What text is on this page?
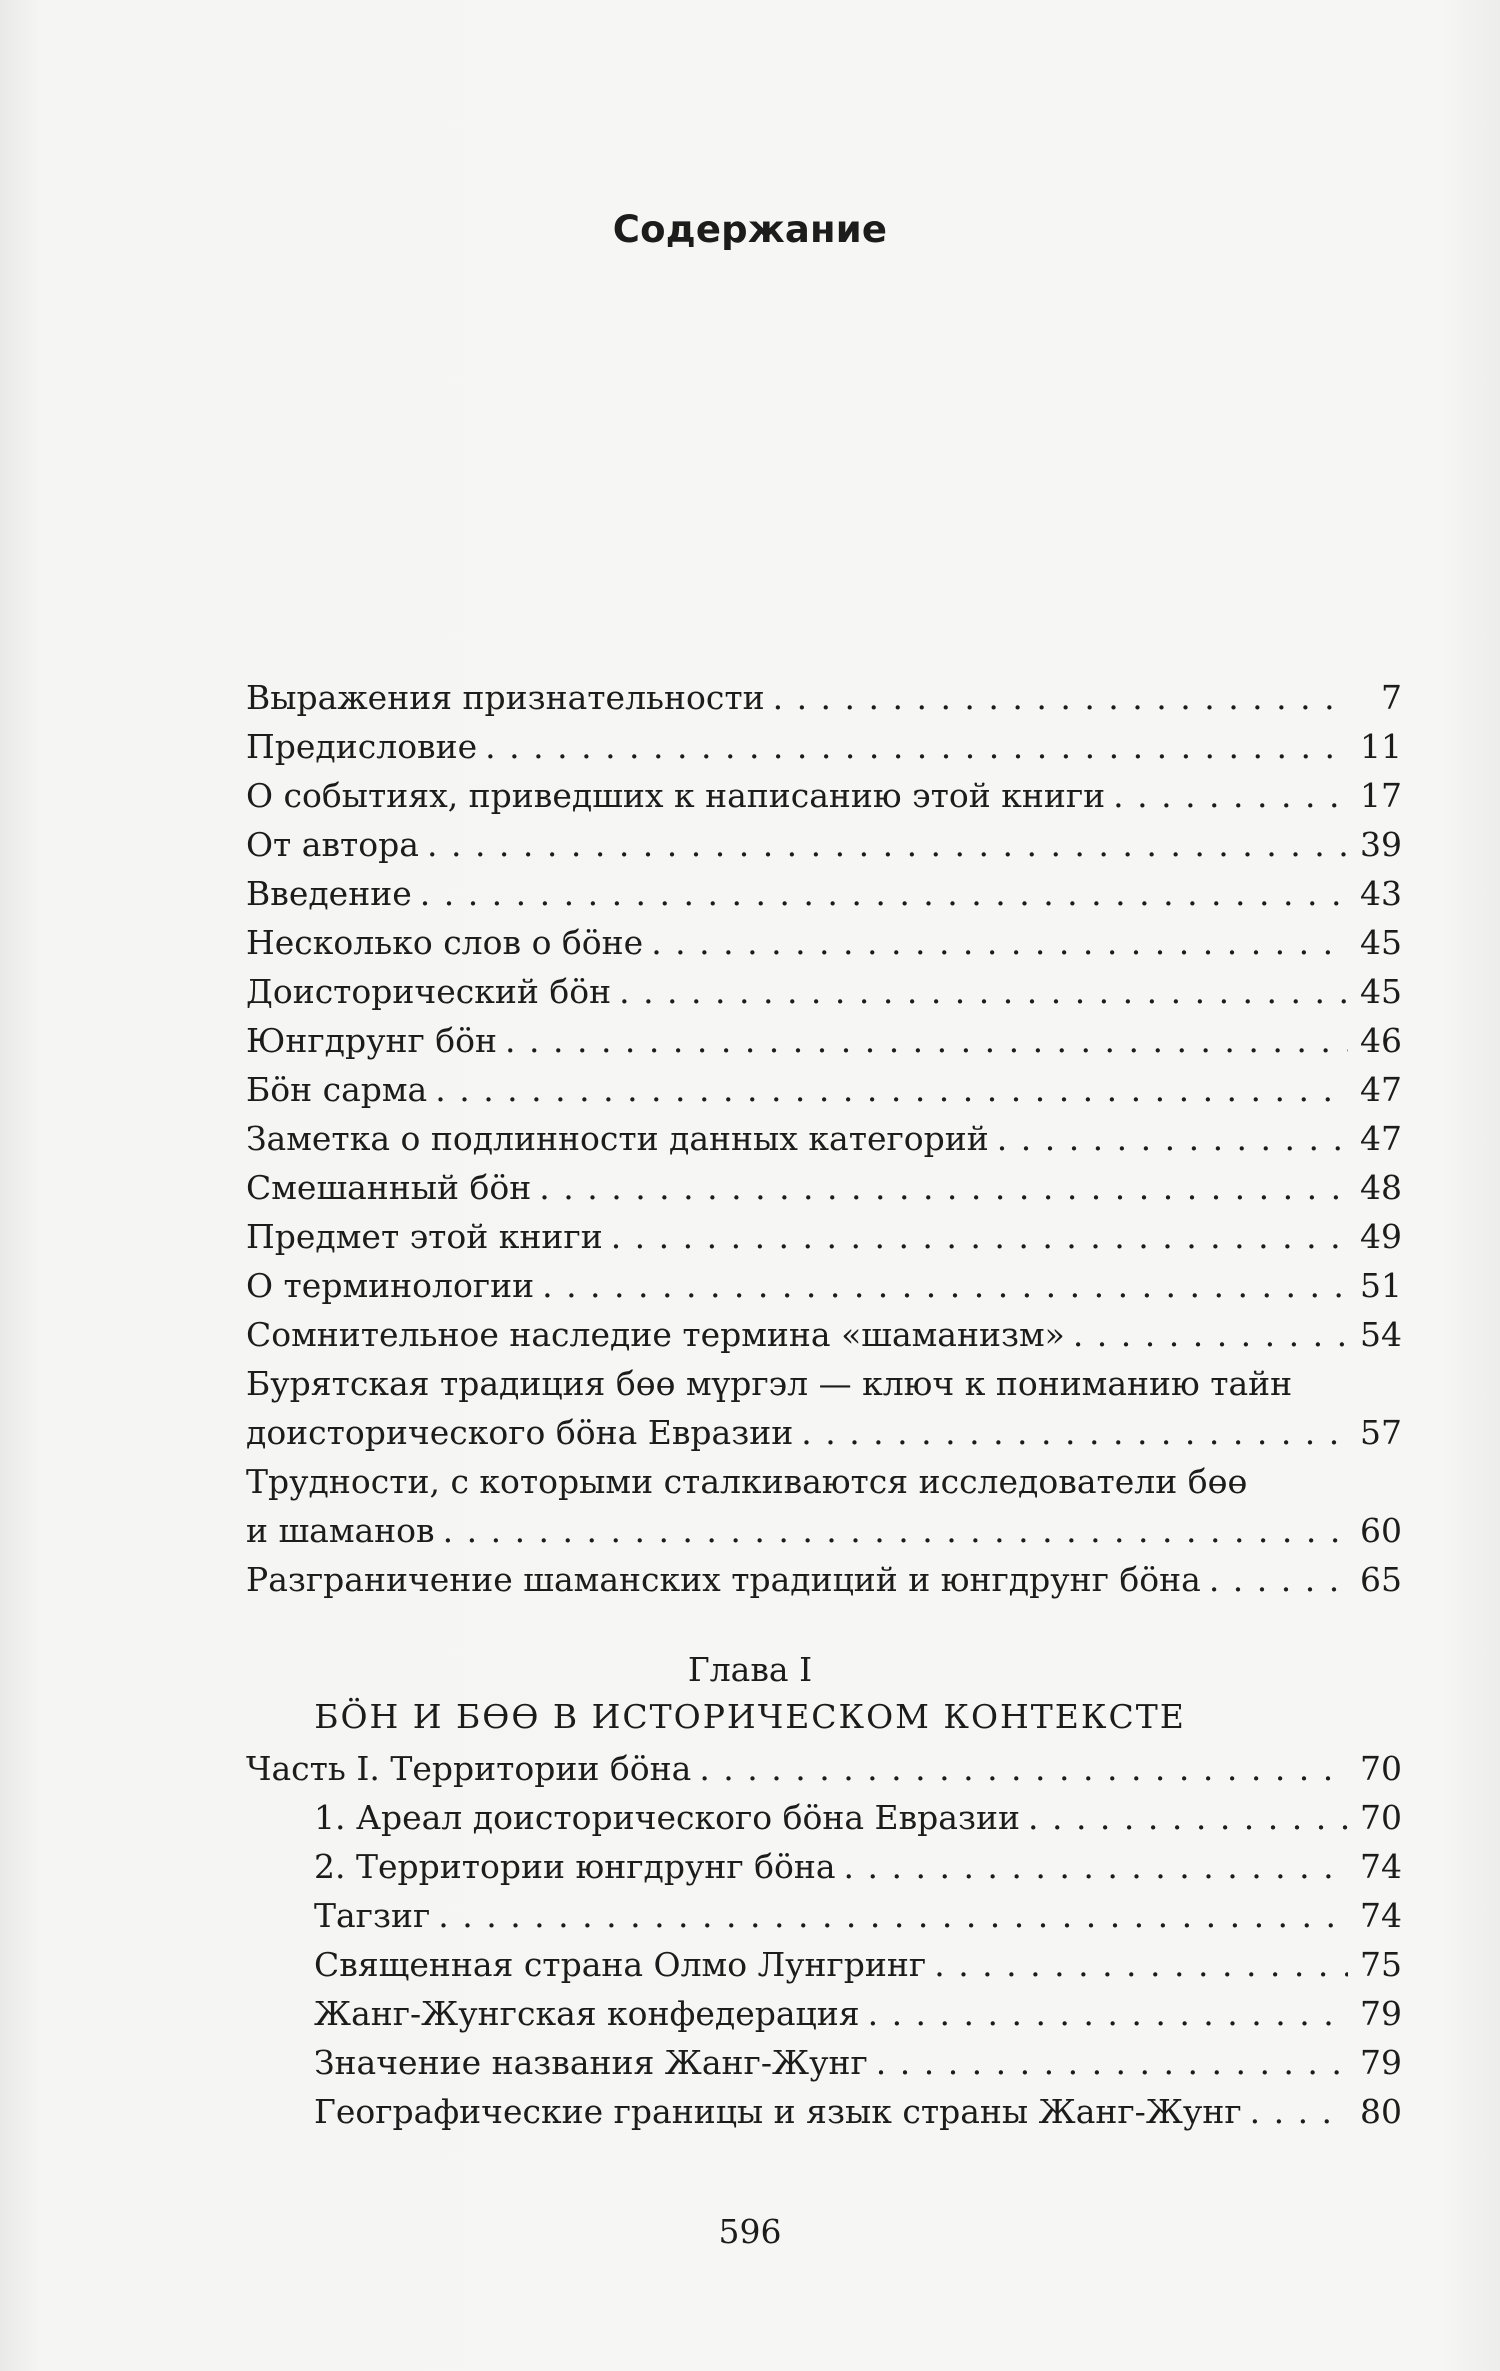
Содержание
Выражения признательности . . .	7
Предисловие . . .	11
О событиях, приведших к написанию этой книги . . .	17
От автора . . .	39
Введение . . .	43
Несколько слов о бӧне . . .	45
Доисторический бӧн . . .	45
Юнгдрунг бӧн . . .	46
Бӧн сарма . . .	47
Заметка о подлинности данных категорий . . .	47
Смешанный бӧн . . .	48
Предмет этой книги . . .	49
О терминологии . . .	51
Сомнительное наследие термина «шаманизм» . . .	54
Бурятская традиция бөө мүргэл — ключ к пониманию тайн
доисторического бӧна Евразии . . .	57
Трудности, с которыми сталкиваются исследователи бөө
и шаманов . . .	60
Разграничение шаманских традиций и юнгдрунг бӧна . . .	65

Глава I

БӦН И БӨӨ В ИСТОРИЧЕСКОМ КОНТЕКСТЕ

Часть I. Территории бӧна . . .	70
1. Ареал доисторического бӧна Евразии . . .	70
2. Территории юнгдрунг бӧна . . .	74
Тагзиг . . .	74
Священная страна Олмо Лунгринг . . .	75
Жанг-Жунгская конфедерация . . .	79
Значение названия Жанг-Жунг . . .	79
Географические границы и язык страны Жанг-Жунг . . .	80

596
